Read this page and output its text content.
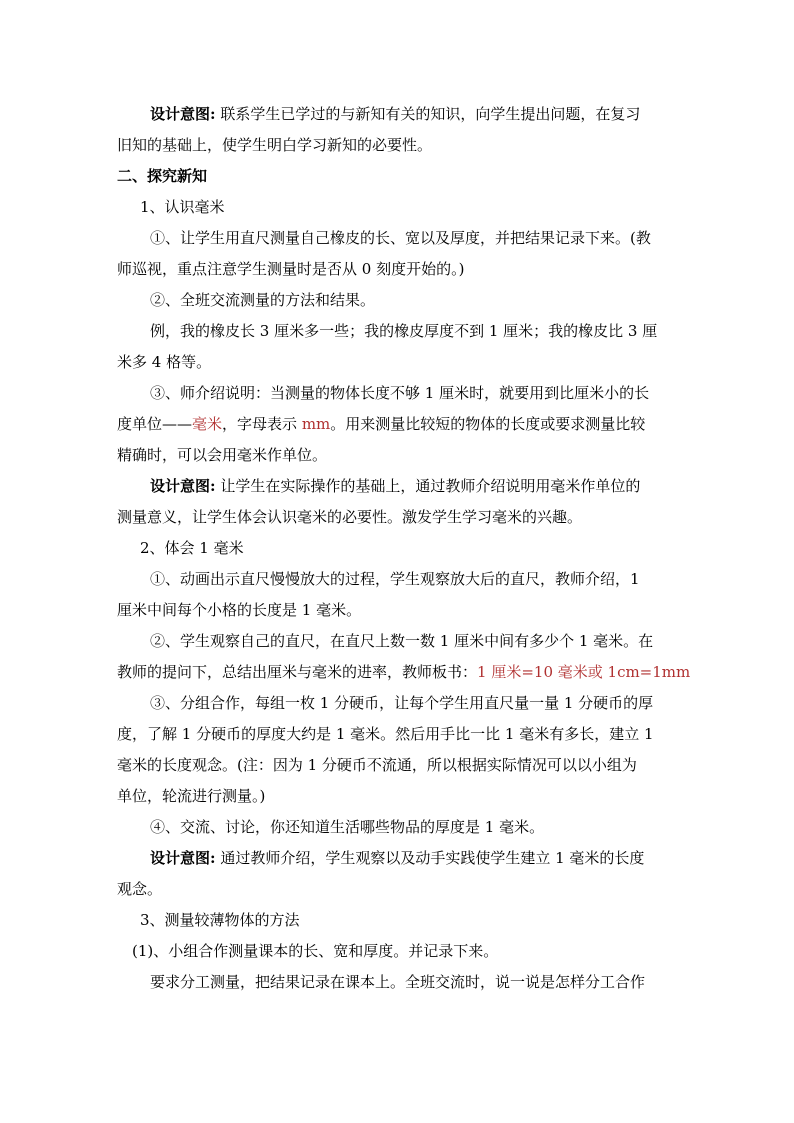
设计意图: 联系学生已学过的与新知有关的知识，向学生提出问题，在复习
旧知的基础上，使学生明白学习新知的必要性。
二、探究新知
1、认识毫米
①、让学生用直尺测量自己橡皮的长、宽以及厚度，并把结果记录下来。(教
师巡视，重点注意学生测量时是否从 0 刻度开始的。)
②、全班交流测量的方法和结果。
例，我的橡皮长 3 厘米多一些；我的橡皮厚度不到 1 厘米；我的橡皮比 3 厘
米多 4 格等。
③、师介绍说明：当测量的物体长度不够 1 厘米时，就要用到比厘米小的长
度单位——毫米，字母表示 mm。用来测量比较短的物体的长度或要求测量比较
精确时，可以会用毫米作单位。
设计意图: 让学生在实际操作的基础上，通过教师介绍说明用毫米作单位的
测量意义，让学生体会认识毫米的必要性。激发学生学习毫米的兴趣。
2、体会 1 毫米
①、动画出示直尺慢慢放大的过程，学生观察放大后的直尺，教师介绍，1
厘米中间每个小格的长度是 1 毫米。
②、学生观察自己的直尺，在直尺上数一数 1 厘米中间有多少个 1 毫米。在
教师的提问下，总结出厘米与毫米的进率，教师板书：1 厘米=10 毫米或 1cm=1mm
③、分组合作，每组一枚 1 分硬币，让每个学生用直尺量一量 1 分硬币的厚
度，了解 1 分硬币的厚度大约是 1 毫米。然后用手比一比 1 毫米有多长，建立 1
毫米的长度观念。(注：因为 1 分硬币不流通，所以根据实际情况可以以小组为
单位，轮流进行测量。)
④、交流、讨论，你还知道生活哪些物品的厚度是 1 毫米。
设计意图: 通过教师介绍，学生观察以及动手实践使学生建立 1 毫米的长度
观念。
3、测量较薄物体的方法
(1)、小组合作测量课本的长、宽和厚度。并记录下来。
要求分工测量，把结果记录在课本上。全班交流时，说一说是怎样分工合作
